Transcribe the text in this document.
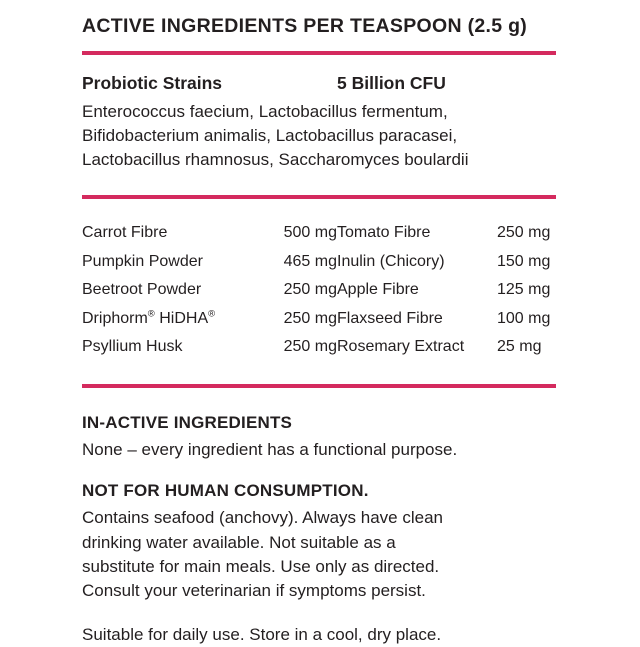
ACTIVE INGREDIENTS PER TEASPOON (2.5 g)
Probiotic Strains	5 Billion CFU
Enterococcus faecium, Lactobacillus fermentum,
Bifidobacterium animalis, Lactobacillus paracasei,
Lactobacillus rhamnosus, Saccharomyces boulardii
Carrot Fibre	500 mg Tomato Fibre	250 mg
Pumpkin Powder	465 mg Inulin (Chicory)	150 mg
Beetroot Powder	250 mg Apple Fibre	125 mg
Driphorm® HiDHA®	250 mg Flaxseed Fibre	100 mg
Psyllium Husk	250 mg Rosemary Extract	25 mg
IN-ACTIVE INGREDIENTS
None – every ingredient has a functional purpose.
NOT FOR HUMAN CONSUMPTION.
Contains seafood (anchovy). Always have clean
drinking water available. Not suitable as a
substitute for main meals. Use only as directed.
Consult your veterinarian if symptoms persist.
Suitable for daily use. Store in a cool, dry place.
